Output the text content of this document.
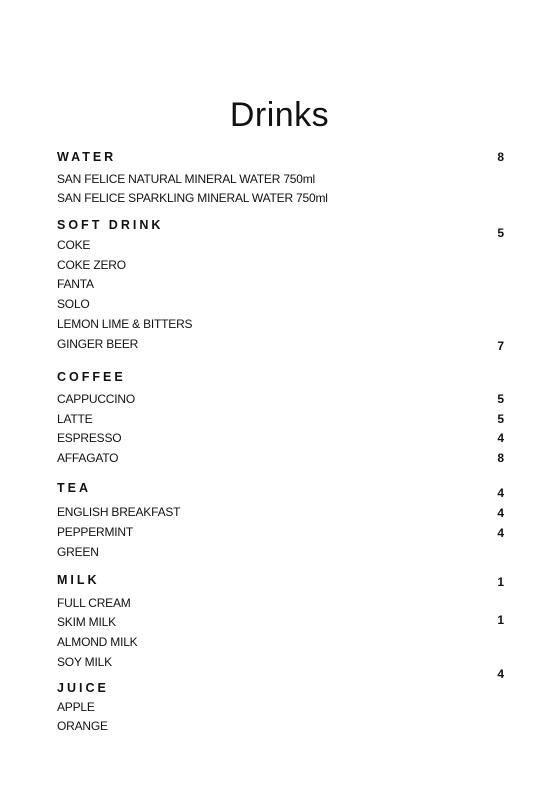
Drinks
WATER
SAN FELICE NATURAL MINERAL WATER 750ml
SAN FELICE SPARKLING MINERAL WATER 750ml
SOFT DRINK
COKE
COKE ZERO
FANTA
SOLO
LEMON LIME & BITTERS
GINGER BEER
COFFEE
CAPPUCCINO
LATTE
ESPRESSO
AFFAGATO
TEA
ENGLISH BREAKFAST
PEPPERMINT
GREEN
MILK
FULL CREAM
SKIM MILK
ALMOND MILK
SOY MILK
JUICE
APPLE
ORANGE
8
5
7
5
5
4
8
4
4
4
1
1
4
